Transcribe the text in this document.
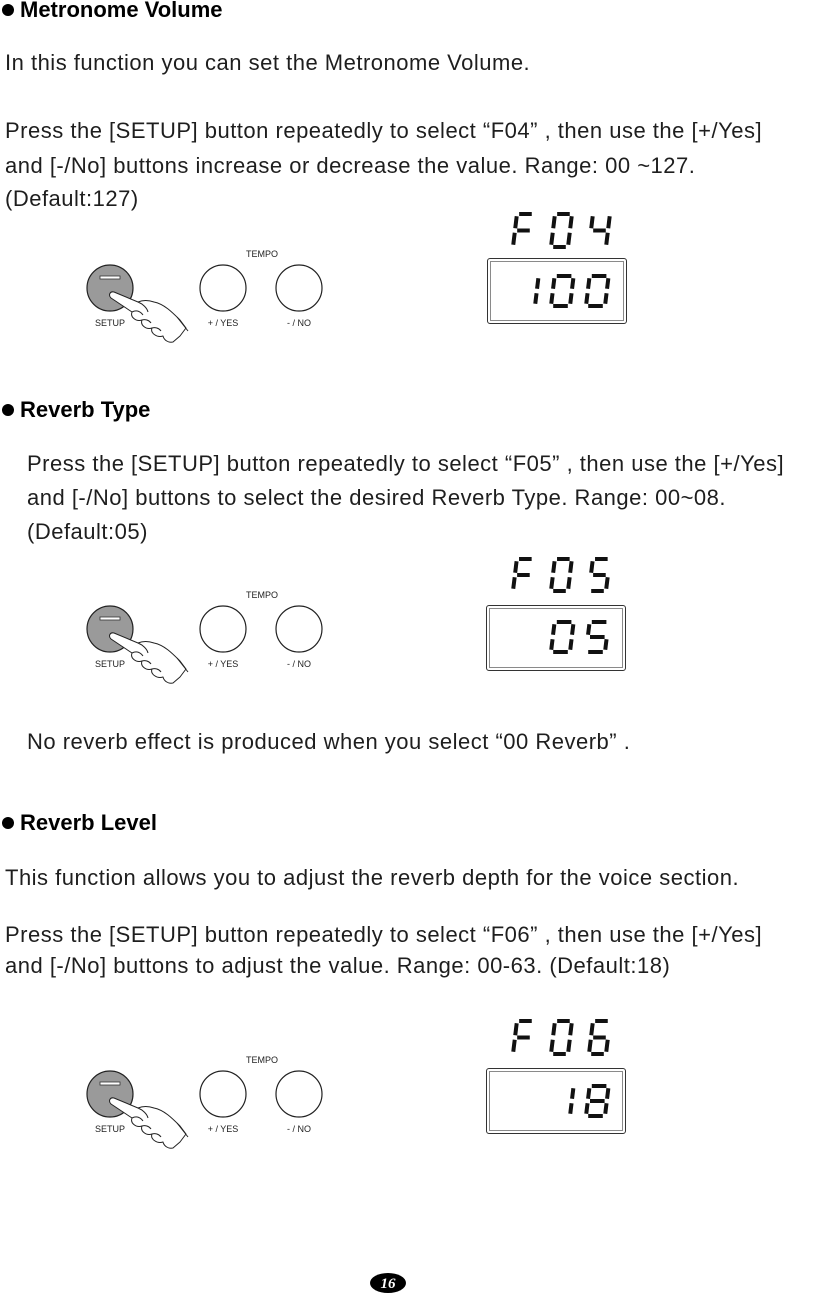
Metronome Volume
In this function you can set the Metronome Volume.
Press the [SETUP] button repeatedly to select “F04” , then use the [+/Yes]
and [-/No] buttons increase or decrease the value. Range: 00 ~127.
(Default:127)
TEMPO
SETUP	+ / YES	- / NO
Reverb Type
Press the [SETUP] button repeatedly to select “F05” , then use the [+/Yes]
and [-/No] buttons to select the desired Reverb Type. Range: 00~08.
(Default:05)
TEMPO
SETUP	+ / YES	- / NO
No reverb effect is produced when you select “00 Reverb” .
Reverb Level
This function allows you to adjust the reverb depth for the voice section.
Press the [SETUP] button repeatedly to select “F06” , then use the [+/Yes]
and [-/No] buttons to adjust the value. Range: 00-63. (Default:18)
TEMPO
SETUP	+ / YES	- / NO
16
